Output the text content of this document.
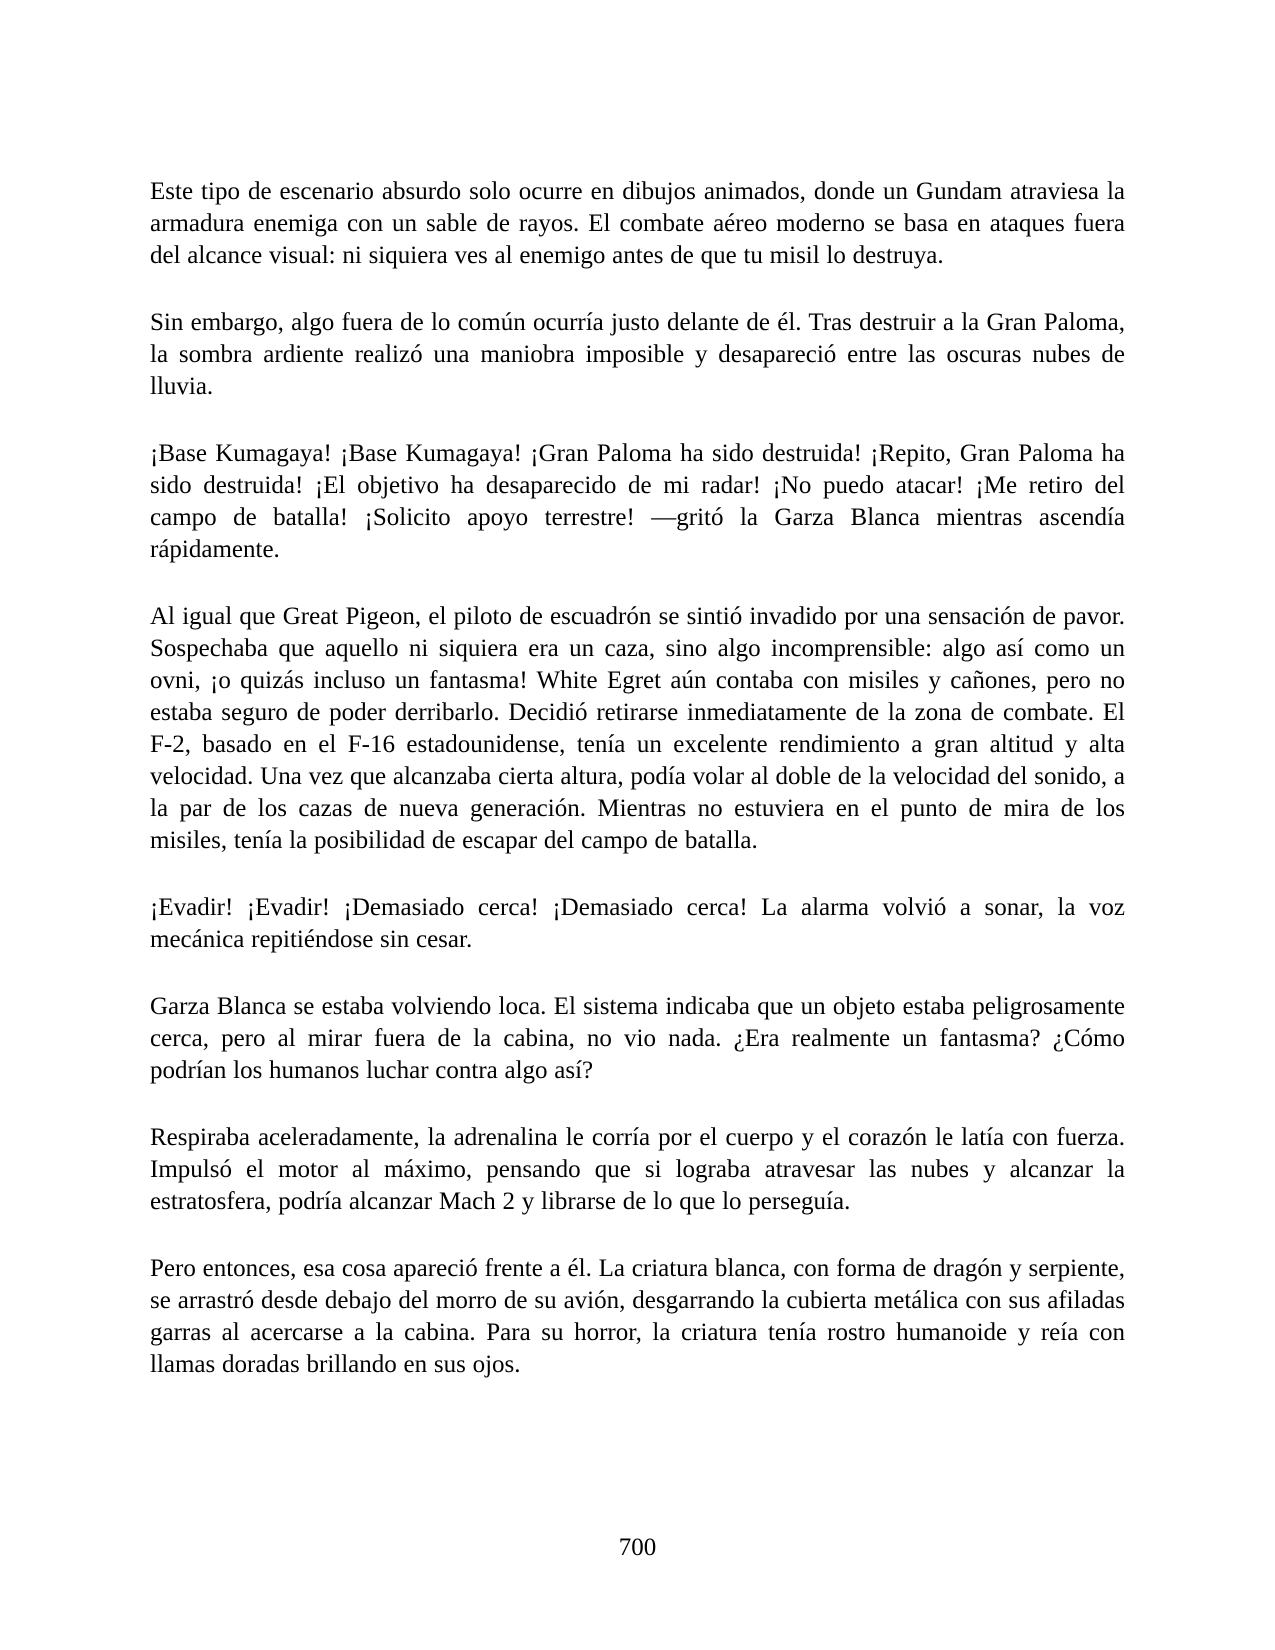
Este tipo de escenario absurdo solo ocurre en dibujos animados, donde un Gundam atraviesa la armadura enemiga con un sable de rayos. El combate aéreo moderno se basa en ataques fuera del alcance visual: ni siquiera ves al enemigo antes de que tu misil lo destruya.

Sin embargo, algo fuera de lo común ocurría justo delante de él. Tras destruir a la Gran Paloma, la sombra ardiente realizó una maniobra imposible y desapareció entre las oscuras nubes de lluvia.

¡Base Kumagaya! ¡Base Kumagaya! ¡Gran Paloma ha sido destruida! ¡Repito, Gran Paloma ha sido destruida! ¡El objetivo ha desaparecido de mi radar! ¡No puedo atacar! ¡Me retiro del campo de batalla! ¡Solicito apoyo terrestre! —gritó la Garza Blanca mientras ascendía rápidamente.

Al igual que Great Pigeon, el piloto de escuadrón se sintió invadido por una sensación de pavor. Sospechaba que aquello ni siquiera era un caza, sino algo incomprensible: algo así como un ovni, ¡o quizás incluso un fantasma! White Egret aún contaba con misiles y cañones, pero no estaba seguro de poder derribarlo. Decidió retirarse inmediatamente de la zona de combate. El F-2, basado en el F-16 estadounidense, tenía un excelente rendimiento a gran altitud y alta velocidad. Una vez que alcanzaba cierta altura, podía volar al doble de la velocidad del sonido, a la par de los cazas de nueva generación. Mientras no estuviera en el punto de mira de los misiles, tenía la posibilidad de escapar del campo de batalla.

¡Evadir! ¡Evadir! ¡Demasiado cerca! ¡Demasiado cerca! La alarma volvió a sonar, la voz mecánica repitiéndose sin cesar.

Garza Blanca se estaba volviendo loca. El sistema indicaba que un objeto estaba peligrosamente cerca, pero al mirar fuera de la cabina, no vio nada. ¿Era realmente un fantasma? ¿Cómo podrían los humanos luchar contra algo así?

Respiraba aceleradamente, la adrenalina le corría por el cuerpo y el corazón le latía con fuerza. Impulsó el motor al máximo, pensando que si lograba atravesar las nubes y alcanzar la estratosfera, podría alcanzar Mach 2 y librarse de lo que lo perseguía.

Pero entonces, esa cosa apareció frente a él. La criatura blanca, con forma de dragón y serpiente, se arrastró desde debajo del morro de su avión, desgarrando la cubierta metálica con sus afiladas garras al acercarse a la cabina. Para su horror, la criatura tenía rostro humanoide y reía con llamas doradas brillando en sus ojos.

700
